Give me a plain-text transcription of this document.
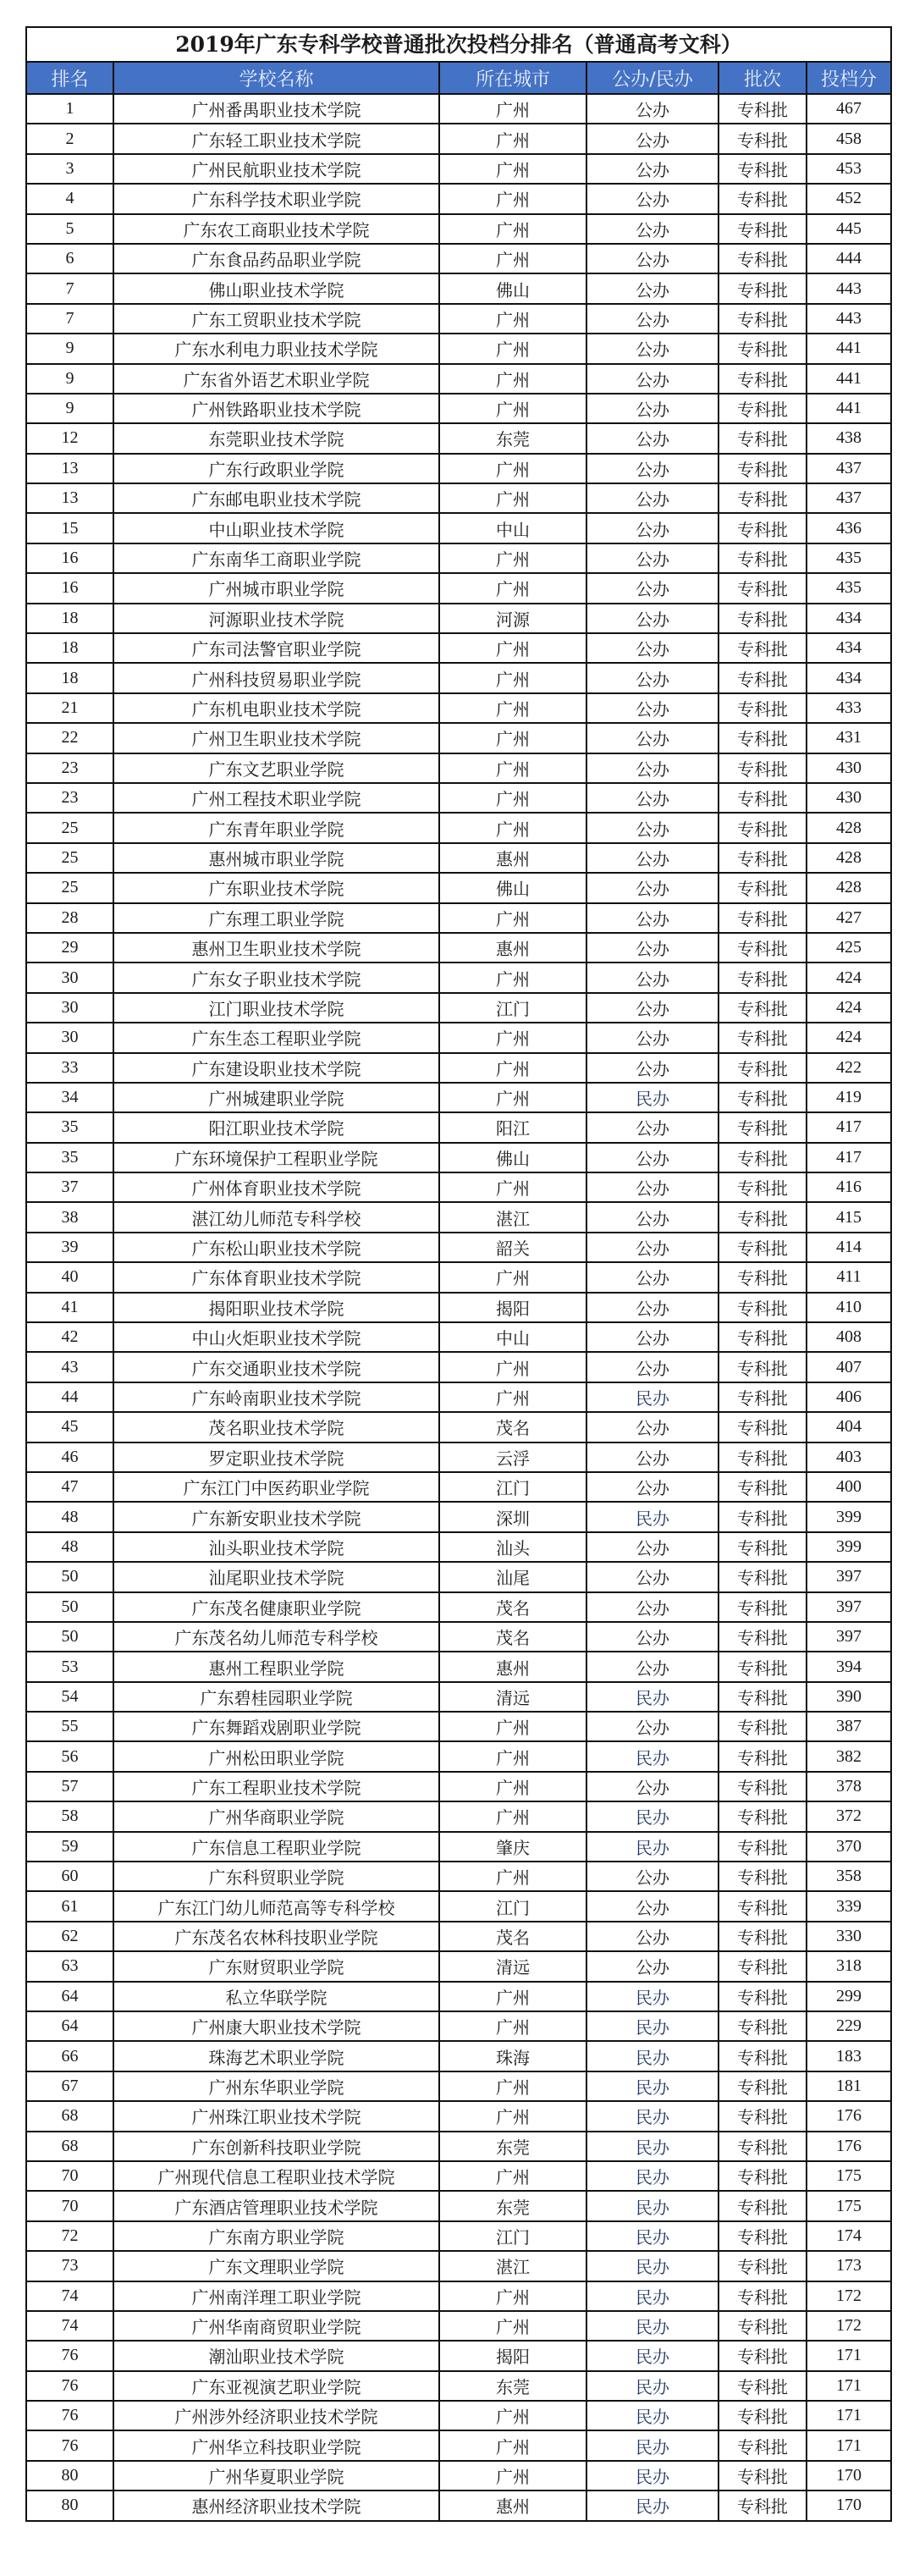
2019年广东专科学校普通批次投档分排名（普通高考文科）
排名	学校名称	所在城市	公办/民办	批次	投档分
1	广州番禺职业技术学院	广州	公办	专科批	467
2	广东轻工职业技术学院	广州	公办	专科批	458
3	广州民航职业技术学院	广州	公办	专科批	453
4	广东科学技术职业学院	广州	公办	专科批	452
5	广东农工商职业技术学院	广州	公办	专科批	445
6	广东食品药品职业学院	广州	公办	专科批	444
7	佛山职业技术学院	佛山	公办	专科批	443
7	广东工贸职业技术学院	广州	公办	专科批	443
9	广东水利电力职业技术学院	广州	公办	专科批	441
9	广东省外语艺术职业学院	广州	公办	专科批	441
9	广州铁路职业技术学院	广州	公办	专科批	441
12	东莞职业技术学院	东莞	公办	专科批	438
13	广东行政职业学院	广州	公办	专科批	437
13	广东邮电职业技术学院	广州	公办	专科批	437
15	中山职业技术学院	中山	公办	专科批	436
16	广东南华工商职业学院	广州	公办	专科批	435
16	广州城市职业学院	广州	公办	专科批	435
18	河源职业技术学院	河源	公办	专科批	434
18	广东司法警官职业学院	广州	公办	专科批	434
18	广州科技贸易职业学院	广州	公办	专科批	434
21	广东机电职业技术学院	广州	公办	专科批	433
22	广州卫生职业技术学院	广州	公办	专科批	431
23	广东文艺职业学院	广州	公办	专科批	430
23	广州工程技术职业学院	广州	公办	专科批	430
25	广东青年职业学院	广州	公办	专科批	428
25	惠州城市职业学院	惠州	公办	专科批	428
25	广东职业技术学院	佛山	公办	专科批	428
28	广东理工职业学院	广州	公办	专科批	427
29	惠州卫生职业技术学院	惠州	公办	专科批	425
30	广东女子职业技术学院	广州	公办	专科批	424
30	江门职业技术学院	江门	公办	专科批	424
30	广东生态工程职业学院	广州	公办	专科批	424
33	广东建设职业技术学院	广州	公办	专科批	422
34	广州城建职业学院	广州	民办	专科批	419
35	阳江职业技术学院	阳江	公办	专科批	417
35	广东环境保护工程职业学院	佛山	公办	专科批	417
37	广州体育职业技术学院	广州	公办	专科批	416
38	湛江幼儿师范专科学校	湛江	公办	专科批	415
39	广东松山职业技术学院	韶关	公办	专科批	414
40	广东体育职业技术学院	广州	公办	专科批	411
41	揭阳职业技术学院	揭阳	公办	专科批	410
42	中山火炬职业技术学院	中山	公办	专科批	408
43	广东交通职业技术学院	广州	公办	专科批	407
44	广东岭南职业技术学院	广州	民办	专科批	406
45	茂名职业技术学院	茂名	公办	专科批	404
46	罗定职业技术学院	云浮	公办	专科批	403
47	广东江门中医药职业学院	江门	公办	专科批	400
48	广东新安职业技术学院	深圳	民办	专科批	399
48	汕头职业技术学院	汕头	公办	专科批	399
50	汕尾职业技术学院	汕尾	公办	专科批	397
50	广东茂名健康职业学院	茂名	公办	专科批	397
50	广东茂名幼儿师范专科学校	茂名	公办	专科批	397
53	惠州工程职业学院	惠州	公办	专科批	394
54	广东碧桂园职业学院	清远	民办	专科批	390
55	广东舞蹈戏剧职业学院	广州	公办	专科批	387
56	广州松田职业学院	广州	民办	专科批	382
57	广东工程职业技术学院	广州	公办	专科批	378
58	广州华商职业学院	广州	民办	专科批	372
59	广东信息工程职业学院	肇庆	民办	专科批	370
60	广东科贸职业学院	广州	公办	专科批	358
61	广东江门幼儿师范高等专科学校	江门	公办	专科批	339
62	广东茂名农林科技职业学院	茂名	公办	专科批	330
63	广东财贸职业学院	清远	公办	专科批	318
64	私立华联学院	广州	民办	专科批	299
64	广州康大职业技术学院	广州	民办	专科批	229
66	珠海艺术职业学院	珠海	民办	专科批	183
67	广州东华职业学院	广州	民办	专科批	181
68	广州珠江职业技术学院	广州	民办	专科批	176
68	广东创新科技职业学院	东莞	民办	专科批	176
70	广州现代信息工程职业技术学院	广州	民办	专科批	175
70	广东酒店管理职业技术学院	东莞	民办	专科批	175
72	广东南方职业学院	江门	民办	专科批	174
73	广东文理职业学院	湛江	民办	专科批	173
74	广州南洋理工职业学院	广州	民办	专科批	172
74	广州华南商贸职业学院	广州	民办	专科批	172
76	潮汕职业技术学院	揭阳	民办	专科批	171
76	广东亚视演艺职业学院	东莞	民办	专科批	171
76	广州涉外经济职业技术学院	广州	民办	专科批	171
76	广州华立科技职业学院	广州	民办	专科批	171
80	广州华夏职业学院	广州	民办	专科批	170
80	惠州经济职业技术学院	惠州	民办	专科批	170
